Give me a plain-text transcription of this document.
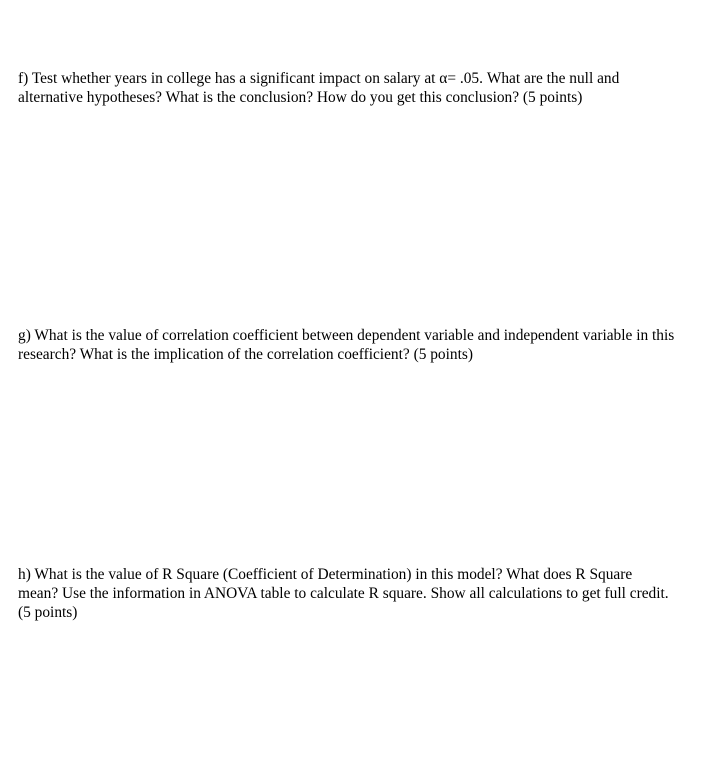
f) Test whether years in college has a significant impact on salary at α= .05. What are the null and
alternative hypotheses? What is the conclusion? How do you get this conclusion? (5 points)
g) What is the value of correlation coefficient between dependent variable and independent variable in this
research? What is the implication of the correlation coefficient? (5 points)
h) What is the value of R Square (Coefficient of Determination) in this model? What does R Square
mean? Use the information in ANOVA table to calculate R square. Show all calculations to get full credit.
(5 points)
